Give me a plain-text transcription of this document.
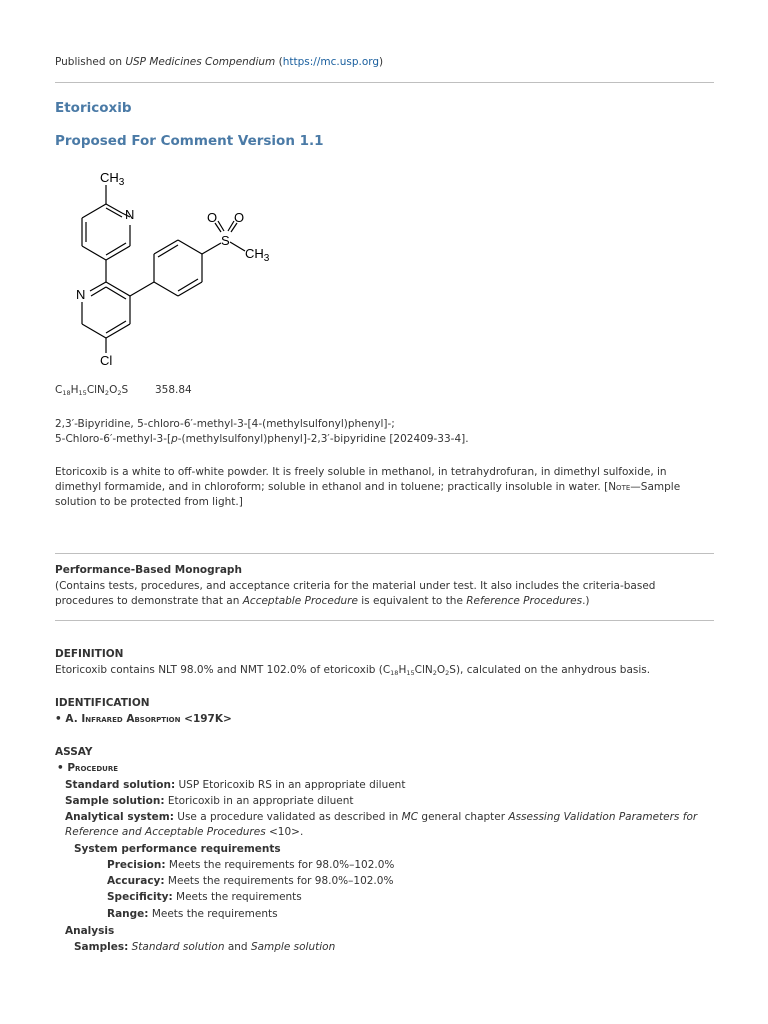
Published on USP Medicines Compendium (https://mc.usp.org)
Etoricoxib
Proposed For Comment Version 1.1
$CH_3$
N	O O
S
$CH_3$
N
Cl
$C_{18}H_{15}ClN_2O_2S$	358.84
2,3′-Bipyridine, 5-chloro-6′-methyl-3-[4-(methylsulfonyl)phenyl]-;
5-Chloro-6′-methyl-3-[p-(methylsulfonyl)phenyl]-2,3′-bipyridine [202409-33-4].
Etoricoxib is a white to off-white powder. It is freely soluble in methanol, in tetrahydrofuran, in dimethyl sulfoxide, in dimethyl formamide, and in chloroform; soluble in ethanol and in toluene; practically insoluble in water. [Note—Sample solution to be protected from light.]
Performance-Based Monograph
(Contains tests, procedures, and acceptance criteria for the material under test. It also includes the criteria-based procedures to demonstrate that an Acceptable Procedure is equivalent to the Reference Procedures.)
DEFINITION
Etoricoxib contains NLT 98.0% and NMT 102.0% of etoricoxib $(C_{18}H_{15}ClN_2O_2S)$, calculated on the anhydrous basis.
IDENTIFICATION
• A. Infrared Absorption <197K>
ASSAY
• Procedure
Standard solution: USP Etoricoxib RS in an appropriate diluent
Sample solution: Etoricoxib in an appropriate diluent
Analytical system: Use a procedure validated as described in MC general chapter Assessing Validation Parameters for Reference and Acceptable Procedures <10>.
System performance requirements
Precision: Meets the requirements for 98.0%–102.0%
Accuracy: Meets the requirements for 98.0%–102.0%
Specificity: Meets the requirements
Range: Meets the requirements
Analysis
Samples: Standard solution and Sample solution
